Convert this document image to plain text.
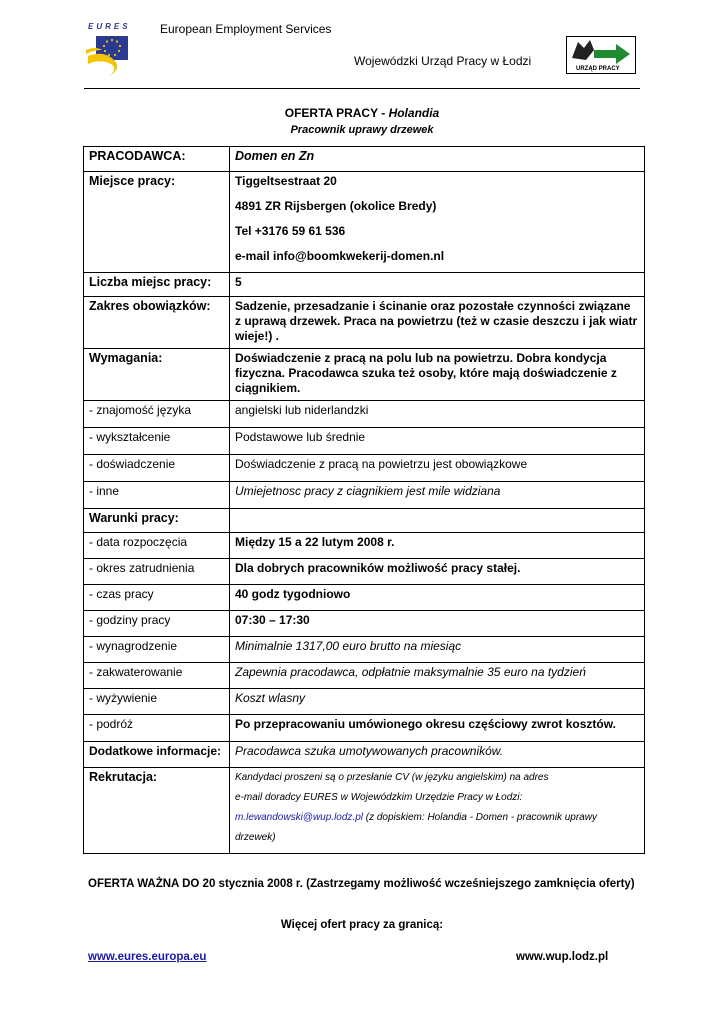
EURES European Employment Services
Wojewódzki Urząd Pracy w Łodzi
URZĄD PRACY
OFERTA PRACY - Holandia
Pracownik uprawy drzewek
PRACODAWCA:	Domen en Zn
Miejsce pracy:	Tiggeltsestraat 20

4891 ZR Rijsbergen (okolice Bredy)

Tel +3176 59 61 536

e-mail info@boomkwekerij-domen.nl

Liczba miejsc pracy:	5
Zakres obowiązków:	Sadzenie, przesadzanie i ścinanie oraz pozostałe czynności związane z uprawą drzewek. Praca na powietrzu (też w czasie deszczu i jak wiatr wieje!) .
Wymagania:	Doświadczenie z pracą na polu lub na powietrzu. Dobra kondycja fizyczna. Pracodawca szuka też osoby, które mają doświadczenie z ciągnikiem.
- znajomość języka	angielski lub niderlandzki
- wykształcenie	Podstawowe lub średnie
- doświadczenie	Doświadczenie z pracą na powietrzu jest obowiązkowe
- inne	Umiejetnosc pracy z ciagnikiem jest mile widziana
Warunki pracy:	
- data rozpoczęcia	Między 15 a 22 lutym 2008 r.
- okres zatrudnienia	Dla dobrych pracowników możliwość pracy stałej.
- czas pracy	40 godz tygodniowo
- godziny pracy	07:30 – 17:30
- wynagrodzenie	Minimalnie 1317,00 euro brutto na miesiąc
- zakwaterowanie	Zapewnia pracodawca, odpłatnie maksymalnie 35 euro na tydzień
- wyżywienie	Koszt wlasny
- podróż	Po przepracowaniu umówionego okresu częściowy zwrot kosztów.
Dodatkowe informacje:	Pracodawca szuka umotywowanych pracowników.
Rekrutacja:	Kandydaci proszeni są o przesłanie CV (w języku angielskim) na adres

e-mail doradcy EURES w Wojewódzkim Urzędzie Pracy w Łodzi:

m.lewandowski@wup.lodz.pl (z dopiskiem: Holandia - Domen - pracownik uprawy

drzewek)

OFERTA WAŻNA DO 20 stycznia 2008 r. (Zastrzegamy możliwość wcześniejszego zamknięcia oferty)
Więcej ofert pracy za granicą:
www.eures.europa.eu	www.wup.lodz.pl
